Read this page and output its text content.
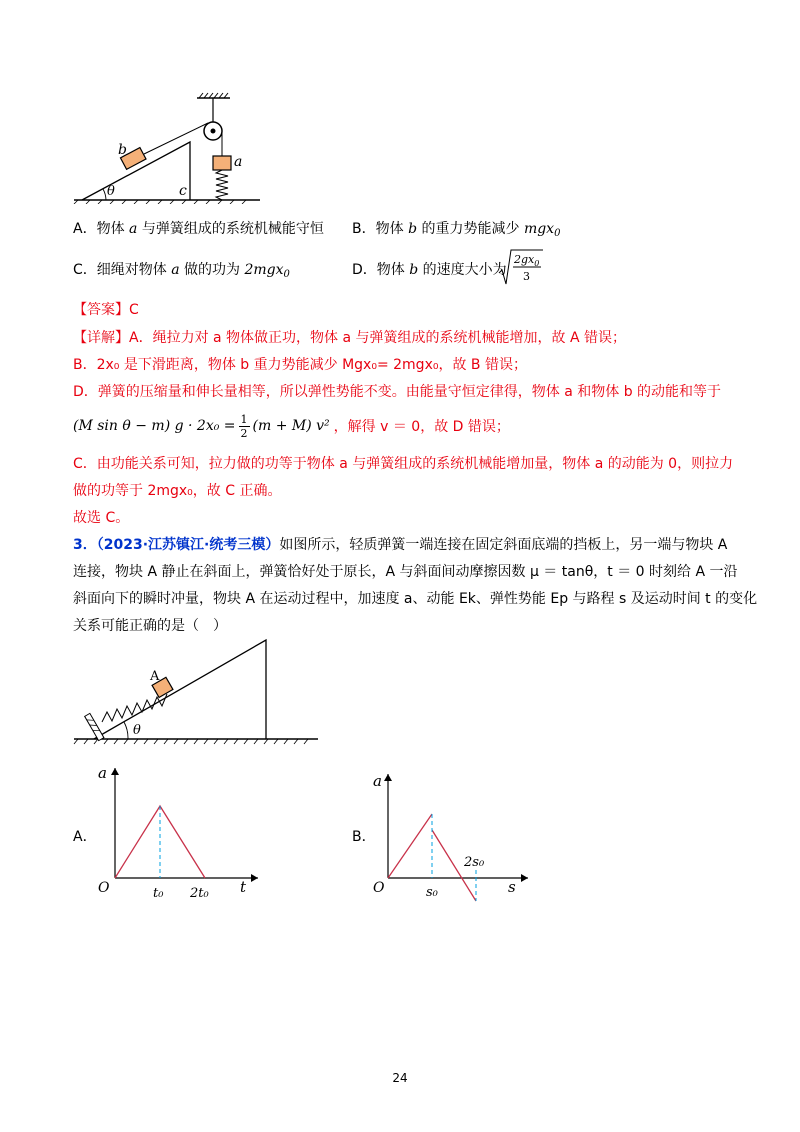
b
a
c
θ
A．物体 a 与弹簧组成的系统机械能守恒 B．物体 b 的重力势能减少 mgx$_0$
C．细绳对物体 a 做的功为 2mgx$_0$	D．物体 b 的速度大小为
$2gx_0$
3
【答案】C
【详解】A．绳拉力对 a 物体做正功，物体 a 与弹簧组成的系统机械能增加，故 A 错误；
B．2x₀ 是下滑距离，物体 b 重力势能减少 Mgx₀= 2mgx₀，故 B 错误；
D．弹簧的压缩量和伸长量相等，所以弹性势能不变。由能量守恒定律得，物体 a 和物体 b 的动能和等于
(M sin θ − m) $g \cdot 2x_0 = \frac{1}{2} (m + M)$ v² ，解得 v ＝ 0，故 D 错误；
C．由功能关系可知，拉力做的功等于物体 a 与弹簧组成的系统机械能增加量，物体 a 的动能为 0，则拉力
做的功等于 2mgx₀，故 C 正确。
故选 C。
3．（2023·江苏镇江·统考三模）如图所示，轻质弹簧一端连接在固定斜面底端的挡板上，另一端与物块 A
连接，物块 A 静止在斜面上，弹簧恰好处于原长，A 与斜面间动摩擦因数 μ ＝ tanθ，t ＝ 0 时刻给 A 一沿
斜面向下的瞬时冲量，物块 A 在运动过程中，加速度 a、动能 Ek、弹性势能 Ep 与路程 s 及运动时间 t 的变化
关系可能正确的是（　）
A
θ
A．
a
t
O	t₀ 2t₀
B．
a
s
O	s₀
2s₀
24
